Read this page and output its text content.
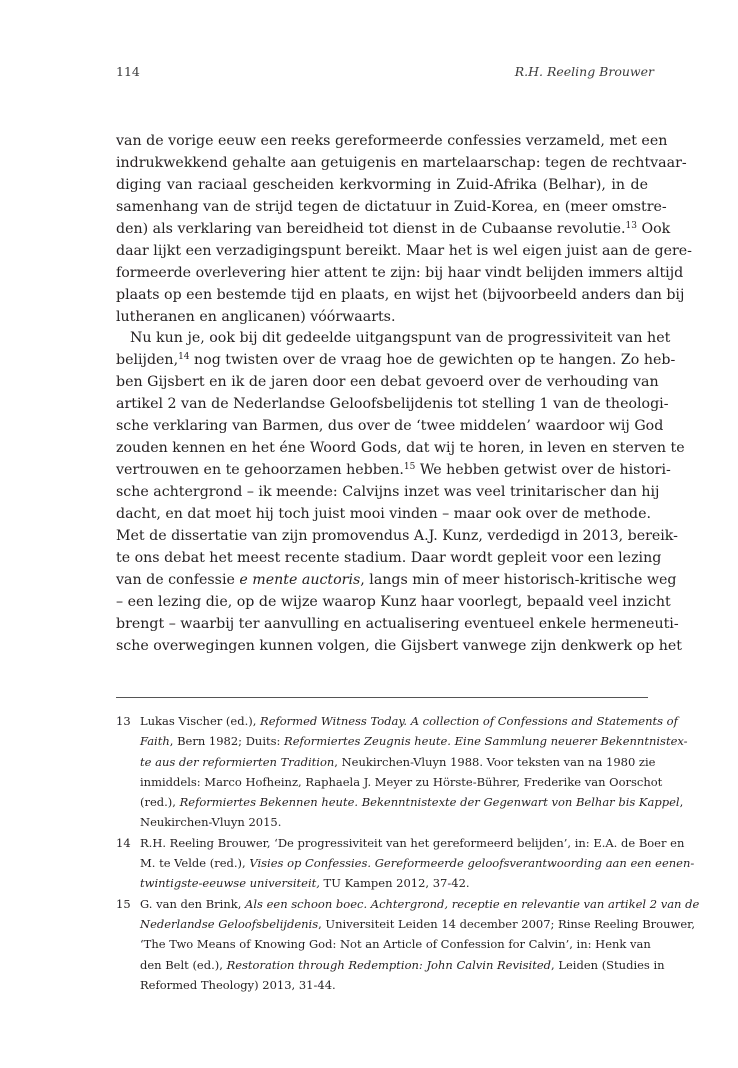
114	R.H. Reeling Brouwer
van de vorige eeuw een reeks gereformeerde confessies verzameld, met een
indrukwekkend gehalte aan getuigenis en martelaarschap: tegen de rechtvaar-
diging van raciaal gescheiden kerkvorming in Zuid-Afrika (Belhar), in de
samenhang van de strijd tegen de dictatuur in Zuid-Korea, en (meer omstre-
den) als verklaring van bereidheid tot dienst in de Cubaanse revolutie.$^{13}$ Ook
daar lijkt een verzadigingspunt bereikt. Maar het is wel eigen juist aan de gere-
formeerde overlevering hier attent te zijn: bij haar vindt belijden immers altijd
plaats op een bestemde tijd en plaats, en wijst het (bijvoorbeeld anders dan bij
lutheranen en anglicanen) vóórwaarts.
Nu kun je, ook bij dit gedeelde uitgangspunt van de progressiviteit van het
belijden,$^{14}$ nog twisten over de vraag hoe de gewichten op te hangen. Zo heb-
ben Gijsbert en ik de jaren door een debat gevoerd over de verhouding van
artikel 2 van de Nederlandse Geloofsbelijdenis tot stelling 1 van de theologi-
sche verklaring van Barmen, dus over de ‘twee middelen’ waardoor wij God
zouden kennen en het éne Woord Gods, dat wij te horen, in leven en sterven te
vertrouwen en te gehoorzamen hebben.$^{15}$ We hebben getwist over de histori-
sche achtergrond – ik meende: Calvijns inzet was veel trinitarischer dan hij
dacht, en dat moet hij toch juist mooi vinden – maar ook over de methode.
Met de dissertatie van zijn promovendus A.J. Kunz, verdedigd in 2013, bereik-
te ons debat het meest recente stadium. Daar wordt gepleit voor een lezing
van de confessie e mente auctoris, langs min of meer historisch-kritische weg
– een lezing die, op de wijze waarop Kunz haar voorlegt, bepaald veel inzicht
brengt – waarbij ter aanvulling en actualisering eventueel enkele hermeneuti-
sche overwegingen kunnen volgen, die Gijsbert vanwege zijn denkwerk op het
13 Lukas Vischer (ed.), Reformed Witness Today. A collection of Confessions and Statements of
Faith, Bern 1982; Duits: Reformiertes Zeugnis heute. Eine Sammlung neuerer Bekenntnistex-
te aus der reformierten Tradition, Neukirchen-Vluyn 1988. Voor teksten van na 1980 zie
inmiddels: Marco Hofheinz, Raphaela J. Meyer zu Hörste-Bührer, Frederike van Oorschot
(red.), Reformiertes Bekennen heute. Bekenntnistexte der Gegenwart von Belhar bis Kappel,
Neukirchen-Vluyn 2015.
14 R.H. Reeling Brouwer, ‘De progressiviteit van het gereformeerd belijden’, in: E.A. de Boer en
M. te Velde (red.), Visies op Confessies. Gereformeerde geloofsverantwoording aan een eenen-
twintigste-eeuwse universiteit, TU Kampen 2012, 37-42.
15 G. van den Brink, Als een schoon boec. Achtergrond, receptie en relevantie van artikel 2 van de
Nederlandse Geloofsbelijdenis, Universiteit Leiden 14 december 2007; Rinse Reeling Brouwer,
‘The Two Means of Knowing God: Not an Article of Confession for Calvin’, in: Henk van
den Belt (ed.), Restoration through Redemption: John Calvin Revisited, Leiden (Studies in
Reformed Theology) 2013, 31-44.
